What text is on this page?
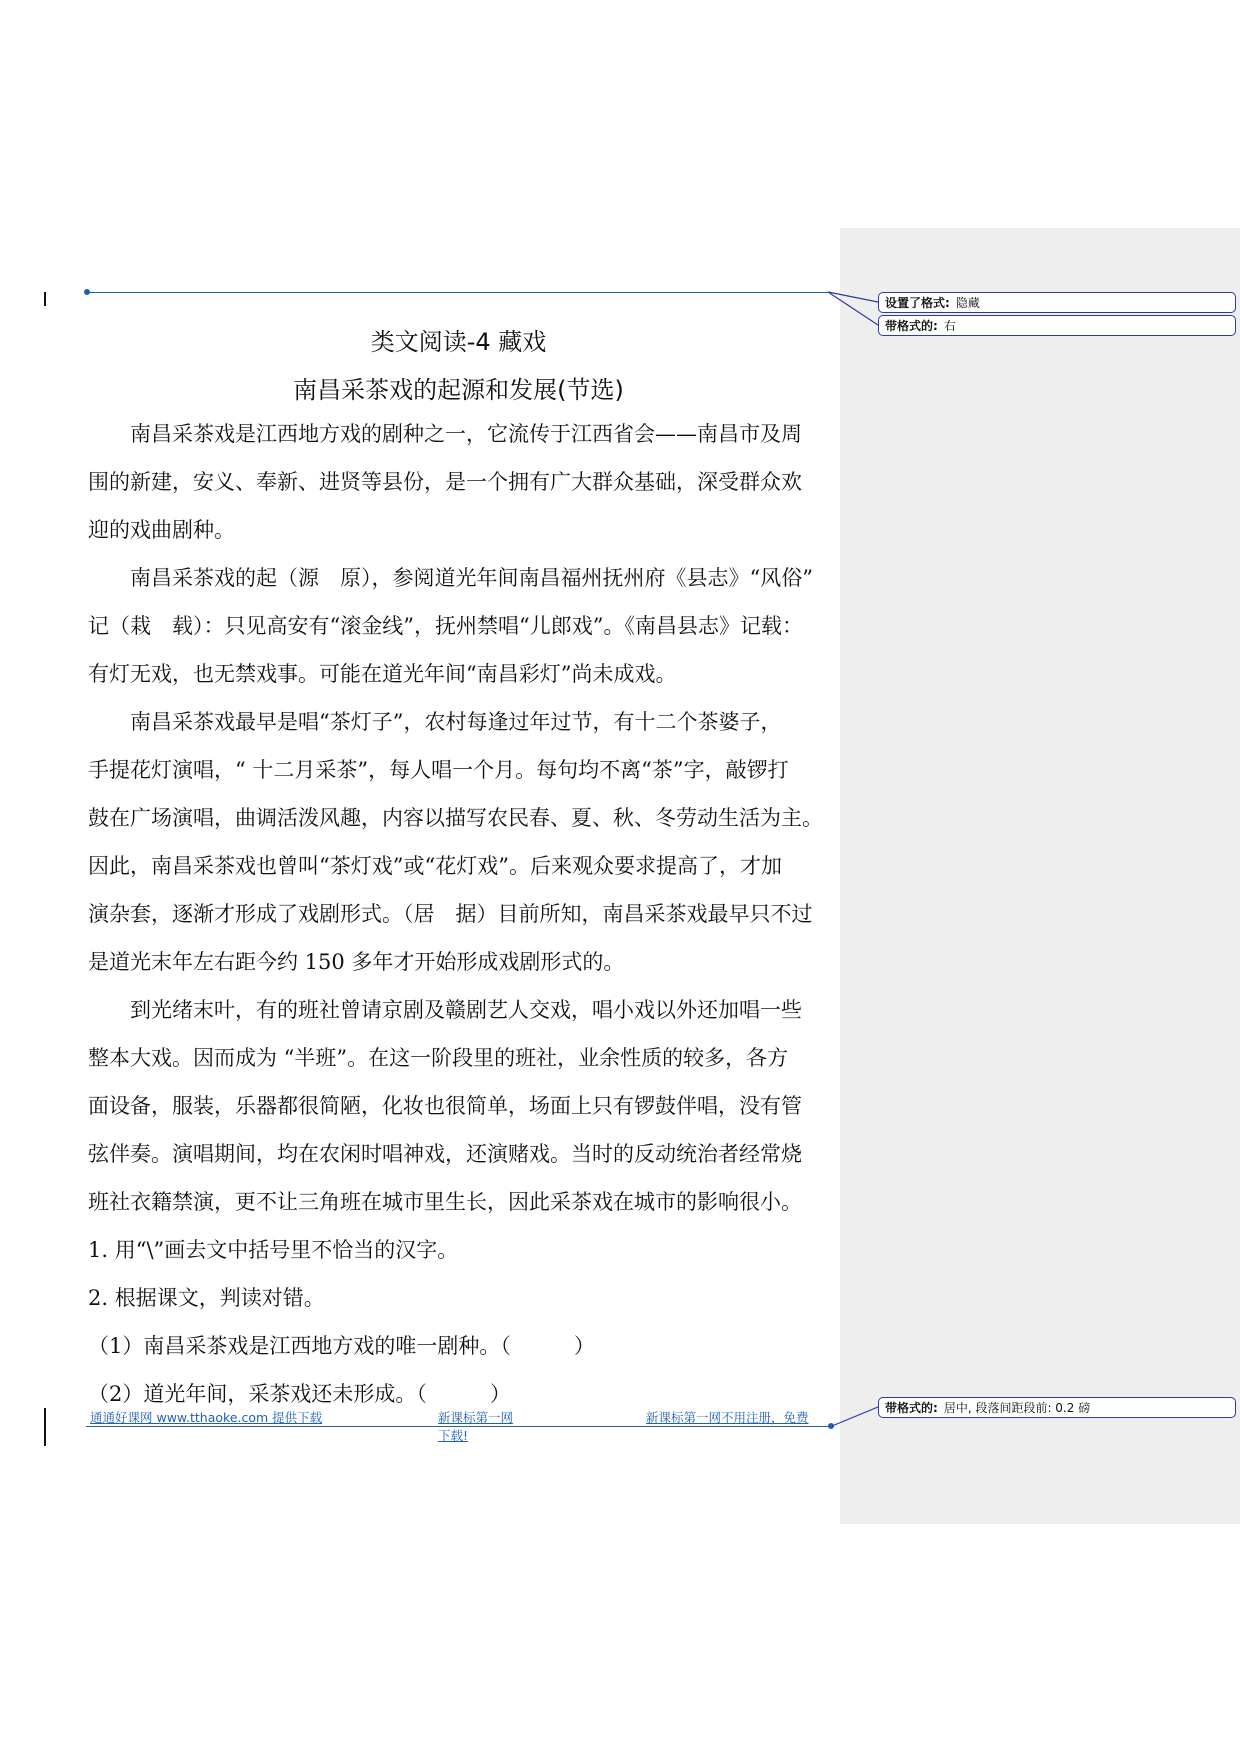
类文阅读-4 藏戏
南昌采茶戏的起源和发展(节选)

　　南昌采茶戏是江西地方戏的剧种之一，它流传于江西省会——南昌市及周
围的新建，安义、奉新、进贤等县份，是一个拥有广大群众基础，深受群众欢
迎的戏曲剧种。

　　南昌采茶戏的起（源　原），参阅道光年间南昌福州抚州府《县志》“风俗”
记（栽　载）：只见高安有“滚金线”，抚州禁唱“儿郎戏”。《南昌县志》记载：
有灯无戏，也无禁戏事。可能在道光年间“南昌彩灯”尚未成戏。

　　南昌采茶戏最早是唱“茶灯子”，农村每逢过年过节，有十二个茶婆子，
手提花灯演唱，“ 十二月采茶”，每人唱一个月。每句均不离“茶”字，敲锣打
鼓在广场演唱，曲调活泼风趣，内容以描写农民春、夏、秋、冬劳动生活为主。
因此，南昌采茶戏也曾叫“茶灯戏”或“花灯戏”。后来观众要求提高了，才加
演杂套，逐渐才形成了戏剧形式。（居　据）目前所知，南昌采茶戏最早只不过
是道光末年左右距今约 150 多年才开始形成戏剧形式的。

　　到光绪末叶，有的班社曾请京剧及赣剧艺人交戏，唱小戏以外还加唱一些
整本大戏。因而成为 “半班”。在这一阶段里的班社，业余性质的较多，各方
面设备，服装，乐器都很简陋，化妆也很简单，场面上只有锣鼓伴唱，没有管
弦伴奏。演唱期间，均在农闲时唱神戏，还演赌戏。当时的反动统治者经常烧
班社衣籍禁演，更不让三角班在城市里生长，因此采茶戏在城市的影响很小。

1. 用“\”画去文中括号里不恰当的汉字。
2. 根据课文，判读对错。
（1）南昌采茶戏是江西地方戏的唯一剧种。（　　　）
（2）道光年间，采茶戏还未形成。（　　　）

通通好课网 www.tthaoke.com 提供下载	新课标第一网
下载!
新课标第一网不用注册，免费
设置了格式: 隐藏
带格式的: 右
带格式的: 居中, 段落间距段前: 0.2 磅
